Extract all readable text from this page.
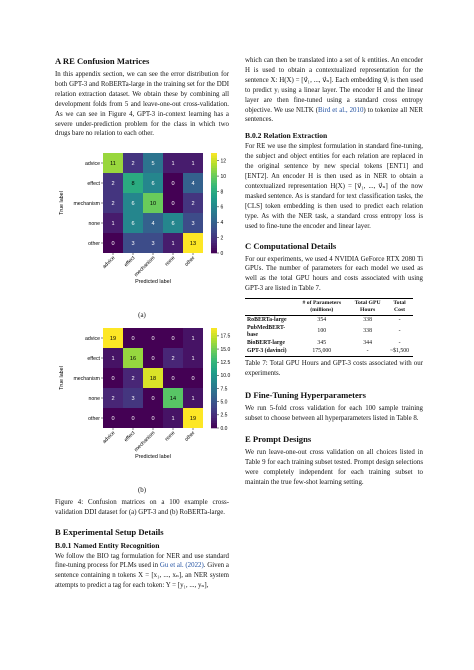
A RE Confusion Matrices

In this appendix section, we can see the error distribution for both GPT-3 and RoBERTa-large in the training set for the DDI relation extraction dataset. We obtain these by combining all development folds from 5 and leave-one-out cross-validation. As we can see in Figure 4, GPT-3 in-context learning has a severe under-prediction problem for the class in which two drugs bare no relation to each other.

11	2	5	1	1
2	8	6	0	4
2	6	10	0	2
1	6	4	6	3
0	3	3	1	13
advice
effect
mechanism
none
other
advice effect
mechanism none other
Predicted label
True label
0
2
4
6
8
10
12
(a)
19	0	0	0	1
1	16	0	2	1
0	2	18	0	0
2	3	0	14	1
0	0	0	1	19
advice
effect
mechanism
none
other
advice effect
mechanism none other
Predicted label
True label
0.0
2.5
5.0
7.5
10.0
12.5
15.0
17.5
(b)

Figure 4: Confusion matrices on a 100 example cross-validation DDI dataset for (a) GPT-3 and (b) RoBERTa-large.

B Experimental Setup Details
B.0.1 Named Entity Recognition

We follow the BIO tag formulation for NER and use standard fine-tuning process for PLMs used in Gu et al. (2022). Given a sentence containing n tokens X = [x₁, ..., xₙ], an NER system attempts to predict a tag for each token: Y = [y₁, ..., yₙ],

which can then be translated into a set of k entities. An encoder H is used to obtain a contextualized representation for the sentence X: H(X) = [v⃗₁, ..., v⃗ₙ]. Each embedding v⃗ᵢ is then used to predict yᵢ using a linear layer. The encoder H and the linear layer are then fine-tuned using a standard cross entropy objective. We use NLTK (Bird et al., 2010) to tokenize all NER sentences.

B.0.2 Relation Extraction

For RE we use the simplest formulation in standard fine-tuning, the subject and object entities for each relation are replaced in the original sentence by new special tokens [ENT1] and [ENT2]. An encoder H is then used as in NER to obtain a contextualized representation H(X) = [v⃗₁, ..., v⃗ₙ] of the now masked sentence. As is standard for text classification tasks, the [CLS] token embedding is then used to predict each relation type. As with the NER task, a standard cross entropy loss is used to fine-tune the encoder and linear layer.

C Computational Details

For our experiments, we used 4 NVIDIA GeForce RTX 2080 Ti GPUs. The number of parameters for each model we used as well as the total GPU hours and costs associated with using GPT-3 are listed in Table 7.

	# of Parameters (millions)	Total GPU Hours	Total Cost
RoBERTa-large	354	338	-
PubMedBERT-base	100	338	-
BioBERT-large	345	344	-
GPT-3 (davinci)	175,000	-	~$1,500

Table 7: Total GPU Hours and GPT-3 costs associated with our experiments.

D Fine-Tuning Hyperparameters

We run 5-fold cross validation for each 100 sample training subset to choose between all hyperparameters listed in Table 8.

E Prompt Designs

We run leave-one-out cross validation on all choices listed in Table 9 for each training subset tested. Prompt design selections were completely independent for each training subset to maintain the true few-shot learning setting.
